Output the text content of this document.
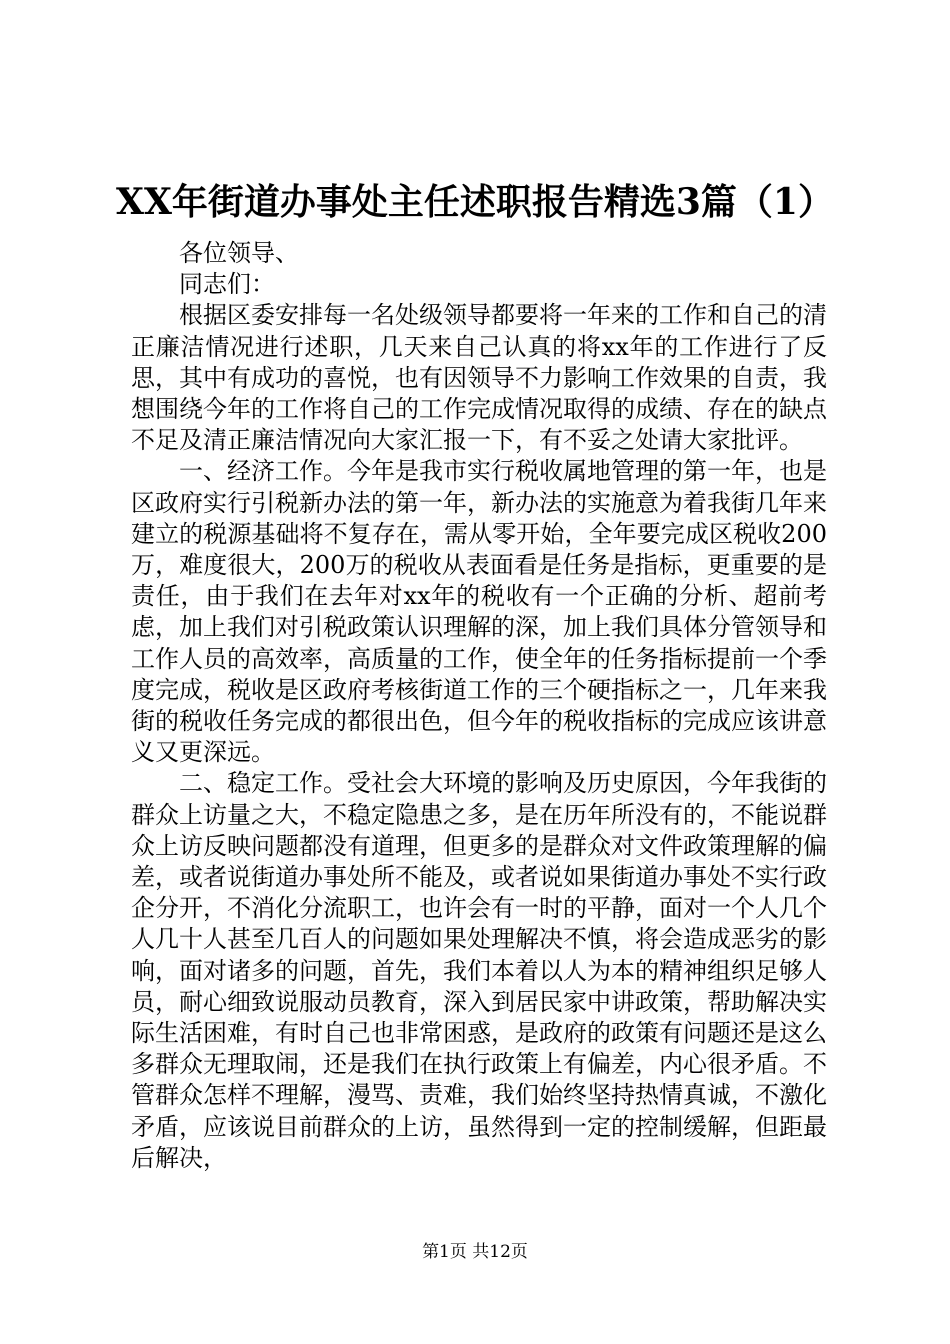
XX年街道办事处主任述职报告精选3篇（1）

各位领导、

同志们：

根据区委安排每一名处级领导都要将一年来的工作和自己的清正廉洁情况进行述职，几天来自己认真的将xx年的工作进行了反思，其中有成功的喜悦，也有因领导不力影响工作效果的自责，我想围绕今年的工作将自己的工作完成情况取得的成绩、存在的缺点不足及清正廉洁情况向大家汇报一下，有不妥之处请大家批评。

一、经济工作。今年是我市实行税收属地管理的第一年，也是区政府实行引税新办法的第一年，新办法的实施意为着我街几年来建立的税源基础将不复存在，需从零开始，全年要完成区税收200万，难度很大，200万的税收从表面看是任务是指标，更重要的是责任，由于我们在去年对xx年的税收有一个正确的分析、超前考虑，加上我们对引税政策认识理解的深，加上我们具体分管领导和工作人员的高效率，高质量的工作，使全年的任务指标提前一个季度完成，税收是区政府考核街道工作的三个硬指标之一，几年来我街的税收任务完成的都很出色，但今年的税收指标的完成应该讲意义又更深远。

二、稳定工作。受社会大环境的影响及历史原因，今年我街的群众上访量之大，不稳定隐患之多，是在历年所没有的，不能说群众上访反映问题都没有道理，但更多的是群众对文件政策理解的偏差，或者说街道办事处所不能及，或者说如果街道办事处不实行政企分开，不消化分流职工，也许会有一时的平静，面对一个人几个人几十人甚至几百人的问题如果处理解决不慎，将会造成恶劣的影响，面对诸多的问题，首先，我们本着以人为本的精神组织足够人员，耐心细致说服动员教育，深入到居民家中讲政策，帮助解决实际生活困难，有时自己也非常困惑，是政府的政策有问题还是这么多群众无理取闹，还是我们在执行政策上有偏差，内心很矛盾。不管群众怎样不理解，漫骂、责难，我们始终坚持热情真诚，不激化矛盾，应该说目前群众的上访，虽然得到一定的控制缓解，但距最后解决，

第1页 共12页
